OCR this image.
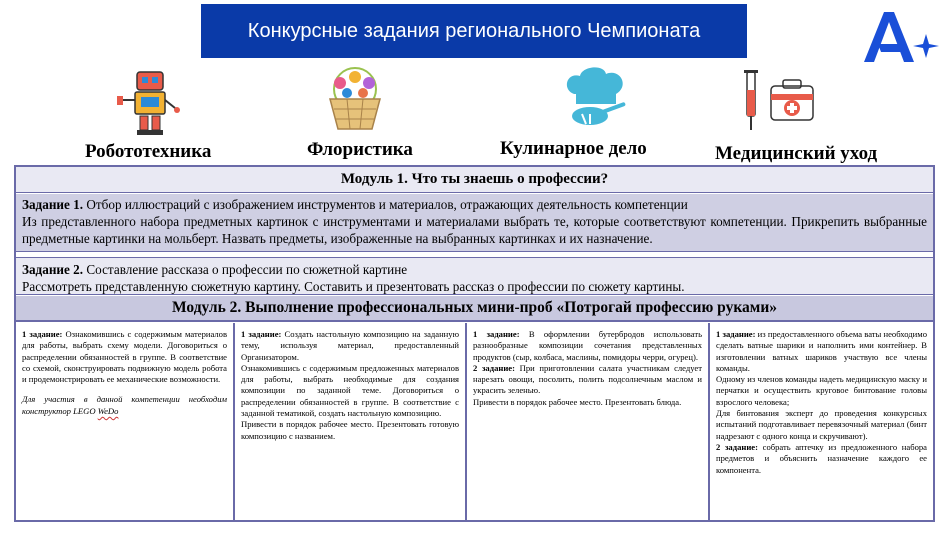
Конкурсные задания регионального Чемпионата
Робототехника	Флористика	Кулинарное дело	Медицинский уход
Модуль 1. Что ты знаешь о профессии?

Задание 1. Отбор иллюстраций с изображением инструментов и материалов, отражающих деятельность компетенции

Из представленного набора предметных картинок с инструментами и материалами выбрать те, которые соответствуют компетенции. Прикрепить выбранные предметные картинки на мольберт. Назвать предметы, изображенные на выбранных картинках и их назначение.

Задание 2. Составление рассказа о профессии по сюжетной картине

Рассмотреть представленную сюжетную картину. Составить и презентовать рассказ о профессии по сюжету картины.

Модуль 2. Выполнение профессиональных мини-проб «Потрогай профессию руками»

1 задание: Ознакомившись с содержимым материалов для работы, выбрать схему модели. Договориться о распределении обязанностей в группе. В соответствие со схемой, сконструировать подвижную модель робота и продемонстрировать ее механические возможности.

Для участия в данной компетенции необходим конструктор LEGO WeDo

1 задание: Создать настольную композицию на заданную тему, используя материал, предоставленный Организатором.

Ознакомившись с содержимым предложенных материалов для работы, выбрать необходимые для создания композиции по заданной теме. Договориться о распределении обязанностей в группе. В соответствие с заданной тематикой, создать настольную композицию.

Привести в порядок рабочее место. Презентовать готовую композицию с названием.

1 задание: В оформлении бутербродов использовать разнообразные композиции сочетания представленных продуктов (сыр, колбаса, маслины, помидоры черри, огурец).

2 задание: При приготовлении салата участникам следует нарезать овощи, посолить, полить подсолнечным маслом и украсить зеленью.

Привести в порядок рабочее место. Презентовать блюда.

1 задание: из предоставленного объема ваты необходимо сделать ватные шарики и наполнить ими контейнер. В изготовлении ватных шариков участвую все члены команды.

Одному из членов команды надеть медицинскую маску и перчатки и осуществить круговое бинтование головы взрослого человека;

Для бинтования эксперт до проведения конкурсных испытаний подготавливает перевязочный материал (бинт надрезают с одного конца и скручивают).

2 задание: собрать аптечку из предложенного набора предметов и объяснить назначение каждого ее компонента.
